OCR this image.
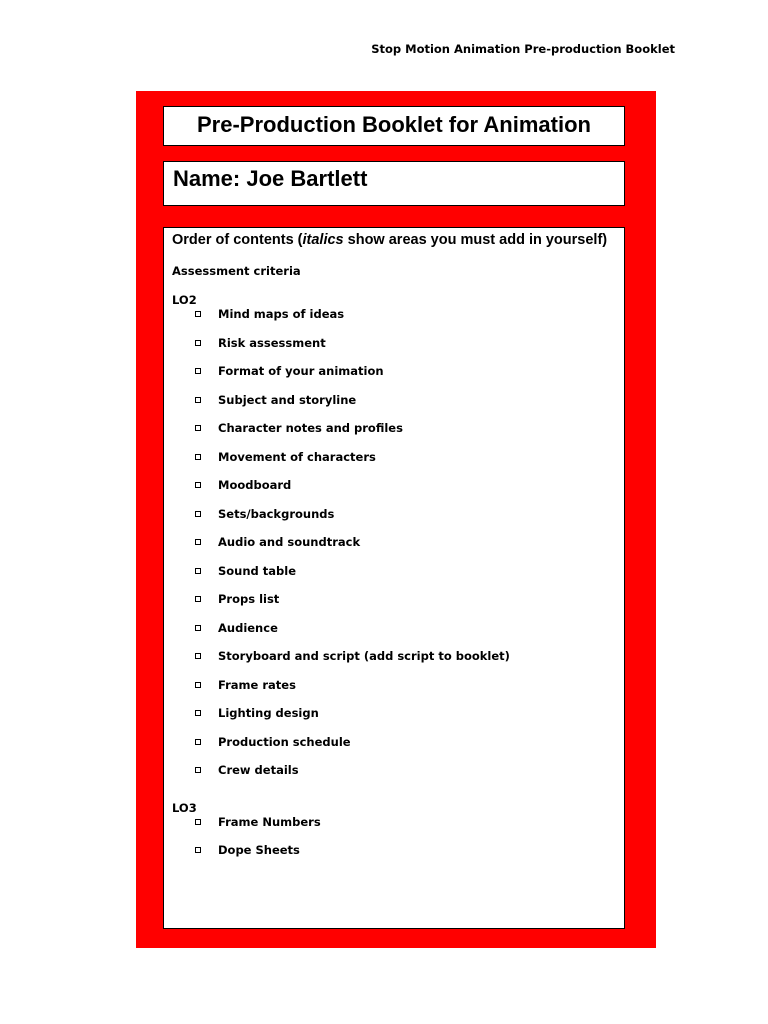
Stop Motion Animation Pre-production Booklet
Pre-Production Booklet for Animation
Name: Joe Bartlett
Order of contents (italics show areas you must add in yourself)
Assessment criteria
LO2
Mind maps of ideas
Risk assessment
Format of your animation
Subject and storyline
Character notes and profiles
Movement of characters
Moodboard
Sets/backgrounds
Audio and soundtrack
Sound table
Props list
Audience
Storyboard and script (add script to booklet)
Frame rates
Lighting design
Production schedule
Crew details
LO3
Frame Numbers
Dope Sheets
